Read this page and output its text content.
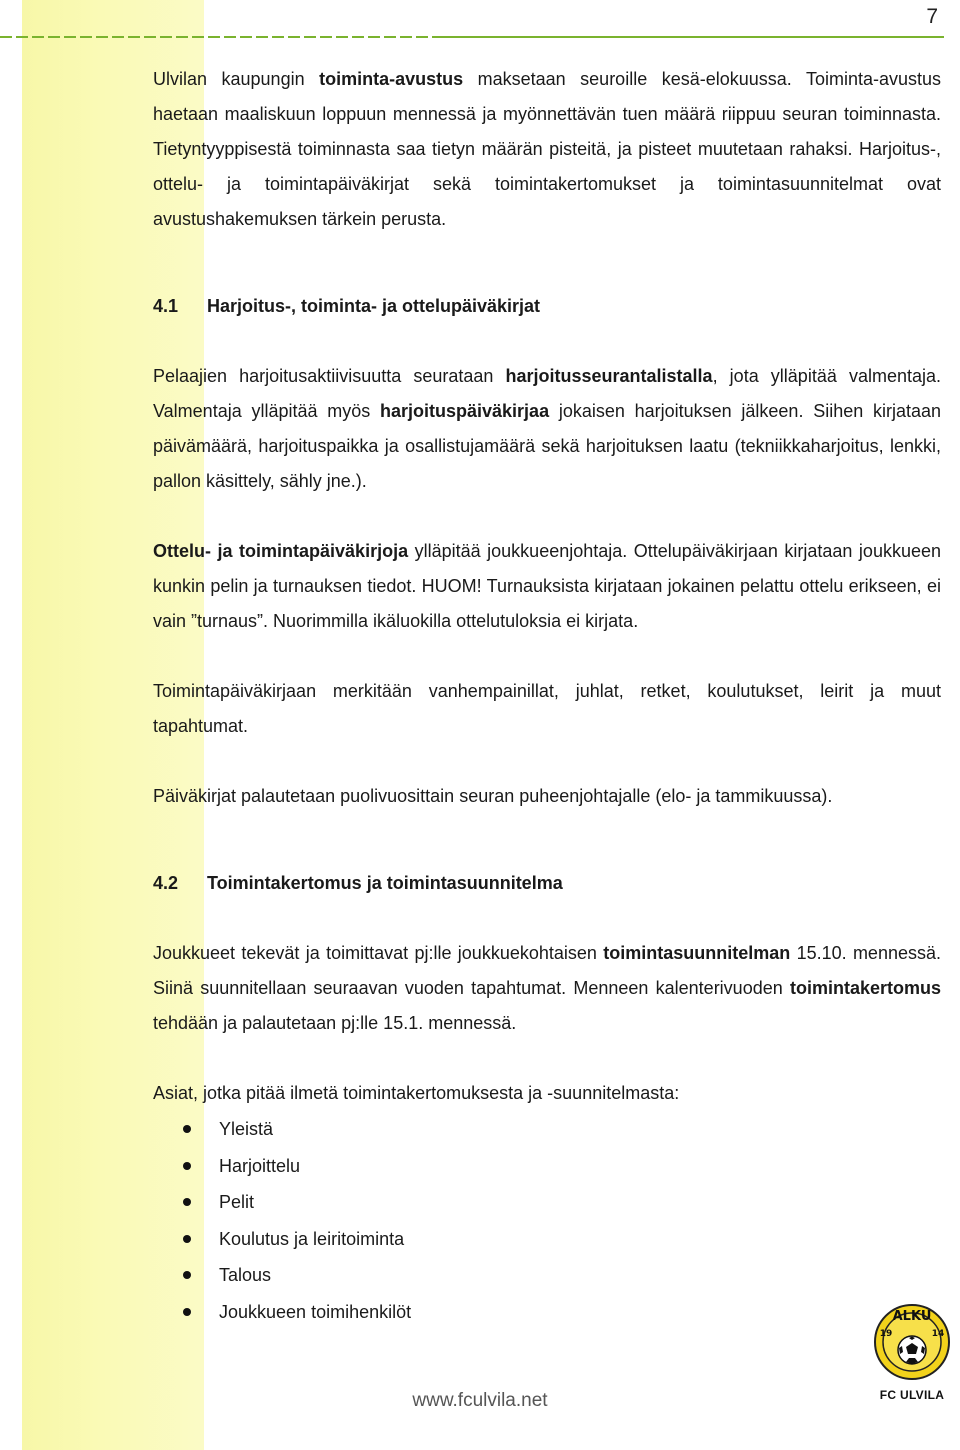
7

Ulvilan kaupungin toiminta-avustus maksetaan seuroille kesä-elokuussa. Toiminta-avustus haetaan maaliskuun loppuun mennessä ja myönnettävän tuen määrä riippuu seuran toiminnasta. Tietyntyyppisestä toiminnasta saa tietyn määrän pisteitä, ja pisteet muutetaan rahaksi. Harjoitus-, ottelu- ja toimintapäiväkirjat sekä toimintakertomukset ja toimintasuunnitelmat ovat avustushakemuksen tärkein perusta.

4.1 Harjoitus-, toiminta- ja ottelupäiväkirjat

Pelaajien harjoitusaktiivisuutta seurataan harjoitusseurantalistalla, jota ylläpitää valmentaja. Valmentaja ylläpitää myös harjoituspäiväkirjaa jokaisen harjoituksen jälkeen. Siihen kirjataan päivämäärä, harjoituspaikka ja osallistujamäärä sekä harjoituksen laatu (tekniikkaharjoitus, lenkki, pallon käsittely, sähly jne.).

Ottelu- ja toimintapäiväkirjoja ylläpitää joukkueenjohtaja. Ottelupäiväkirjaan kirjataan joukkueen kunkin pelin ja turnauksen tiedot. HUOM! Turnauksista kirjataan jokainen pelattu ottelu erikseen, ei vain ”turnaus”. Nuorimmilla ikäluokilla ottelutuloksia ei kirjata.

Toimintapäiväkirjaan merkitään vanhempainillat, juhlat, retket, koulutukset, leirit ja muut tapahtumat.

Päiväkirjat palautetaan puolivuosittain seuran puheenjohtajalle (elo- ja tammikuussa).

4.2 Toimintakertomus ja toimintasuunnitelma

Joukkueet tekevät ja toimittavat pj:lle joukkuekohtaisen toimintasuunnitelman 15.10. mennessä. Siinä suunnitellaan seuraavan vuoden tapahtumat. Menneen kalenterivuoden toimintakertomus tehdään ja palautetaan pj:lle 15.1. mennessä.

Asiat, jotka pitää ilmetä toimintakertomuksesta ja -suunnitelmasta:

Yleistä
Harjoittelu
Pelit
Koulutus ja leiritoiminta
Talous
Joukkueen toimihenkilöt
www.fculvila.net
ALKU
19	14
FC ULVILA
